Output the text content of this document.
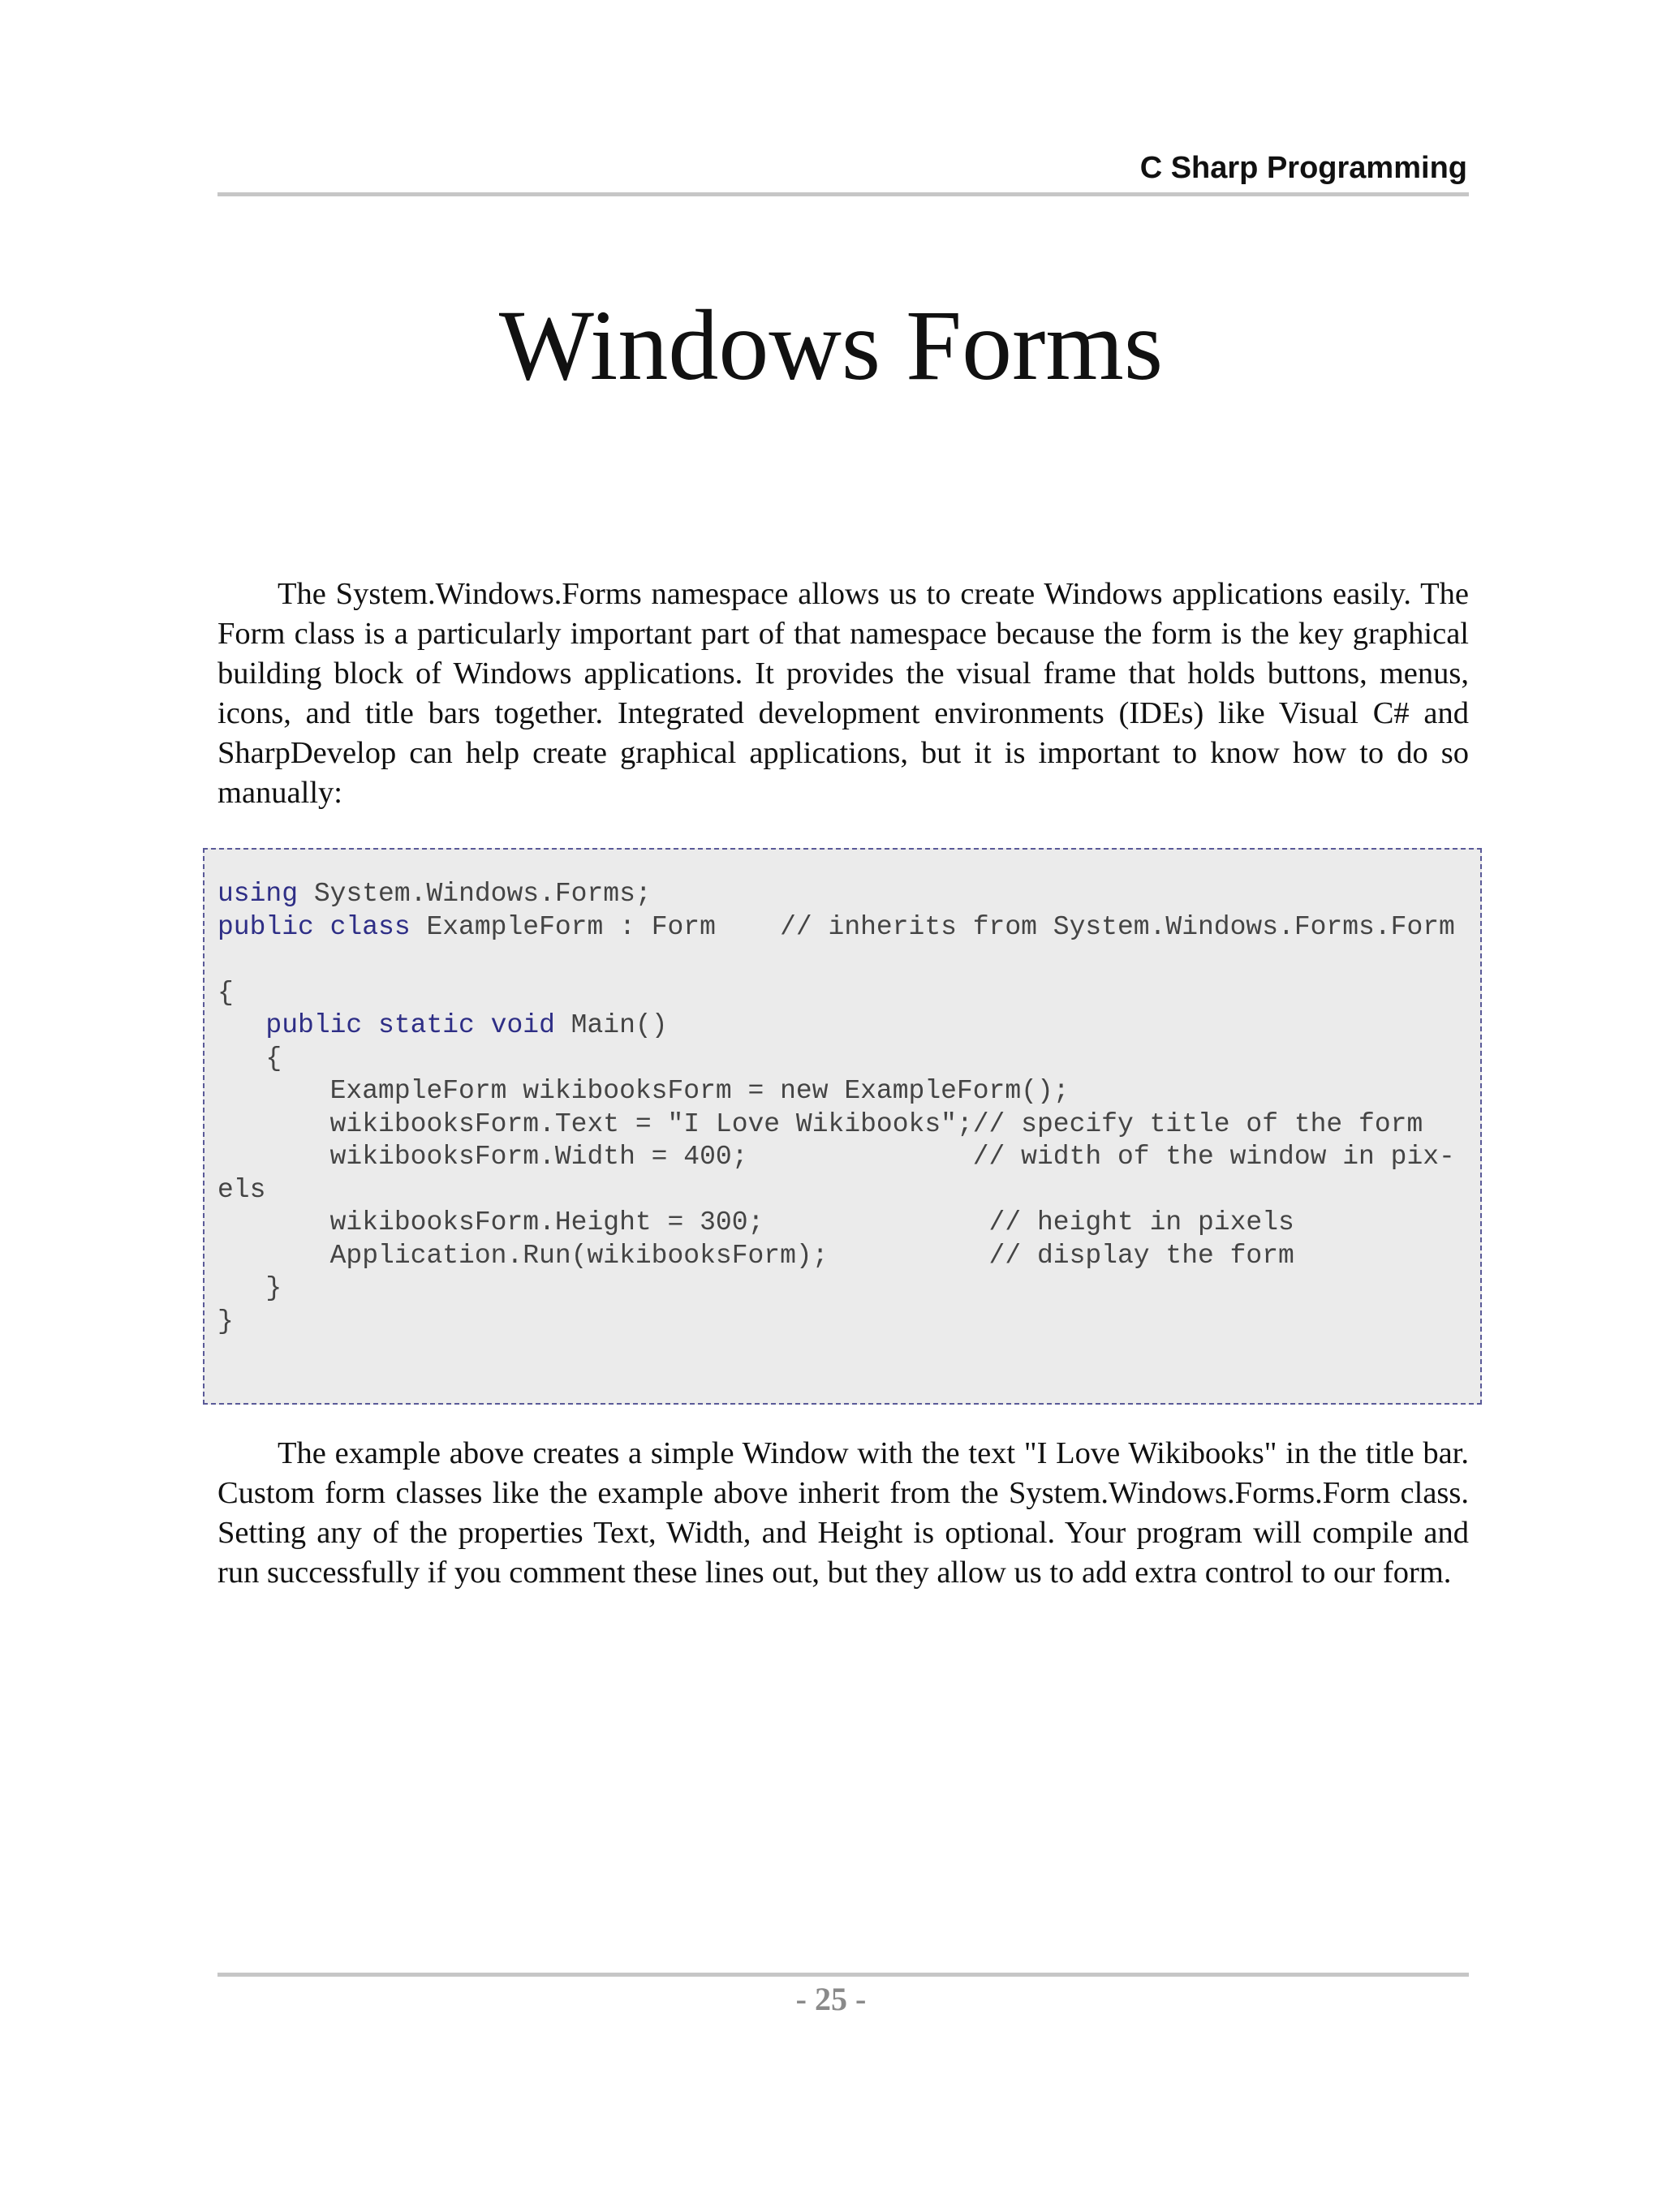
C Sharp Programming
Windows Forms

The System.Windows.Forms namespace allows us to create Windows applications easily. The Form class is a particularly important part of that namespace because the form is the key graphical building block of Windows applications. It provides the visual frame that holds buttons, menus, icons, and title bars together. Integrated development environments (IDEs) like Visual C# and SharpDevelop can help create graphical applications, but it is important to know how to do so manually:

using System.Windows.Forms;
public class ExampleForm : Form    // inherits from System.Windows.Forms.Form
{
public static void Main()
{
ExampleForm wikibooksForm = new ExampleForm();
wikibooksForm.Text = "I Love Wikibooks";// specify title of the form
wikibooksForm.Width = 400;              // width of the window in pix-
els
wikibooksForm.Height = 300;              // height in pixels
Application.Run(wikibooksForm);          // display the form
}
}

The example above creates a simple Window with the text "I Love Wikibooks" in the title bar. Custom form classes like the example above inherit from the System.Windows.Forms.Form class. Setting any of the properties Text, Width, and Height is optional. Your program will compile and run successfully if you comment these lines out, but they allow us to add extra control to our form.

- 25 -
